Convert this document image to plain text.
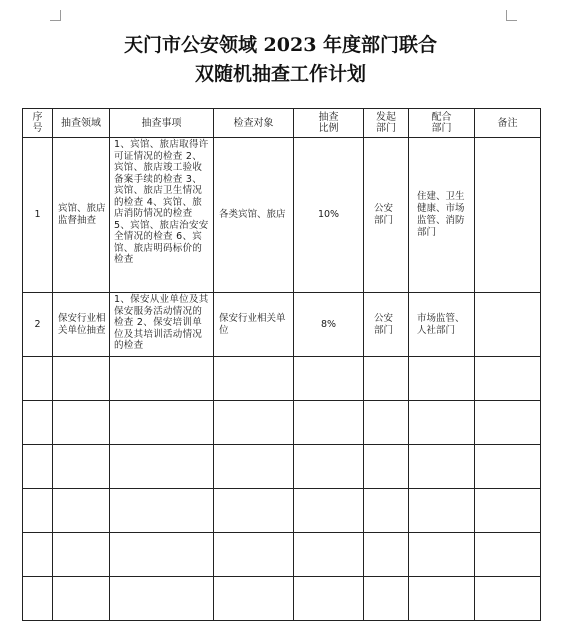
天门市公安领域 2023 年度部门联合
双随机抽查工作计划
序号	抽查领域	抽查事项	检查对象	抽查比例	发起部门	配合部门	备注
1	宾馆、旅店监督抽查	1、宾馆、旅店取得许可证情况的检查 2、宾馆、旅店竣工验收备案手续的检查 3、宾馆、旅店卫生情况的检查 4、宾馆、旅店消防情况的检查 5、宾馆、旅店治安安全情况的检查 6、宾馆、旅店明码标价的检查	各类宾馆、旅店	10%	公安部门	住建、卫生健康、市场监管、消防部门	
2	保安行业相关单位抽查	1、保安从业单位及其保安服务活动情况的检查 2、保安培训单位及其培训活动情况的检查	保安行业相关单位	8%	公安部门	市场监管、人社部门	
